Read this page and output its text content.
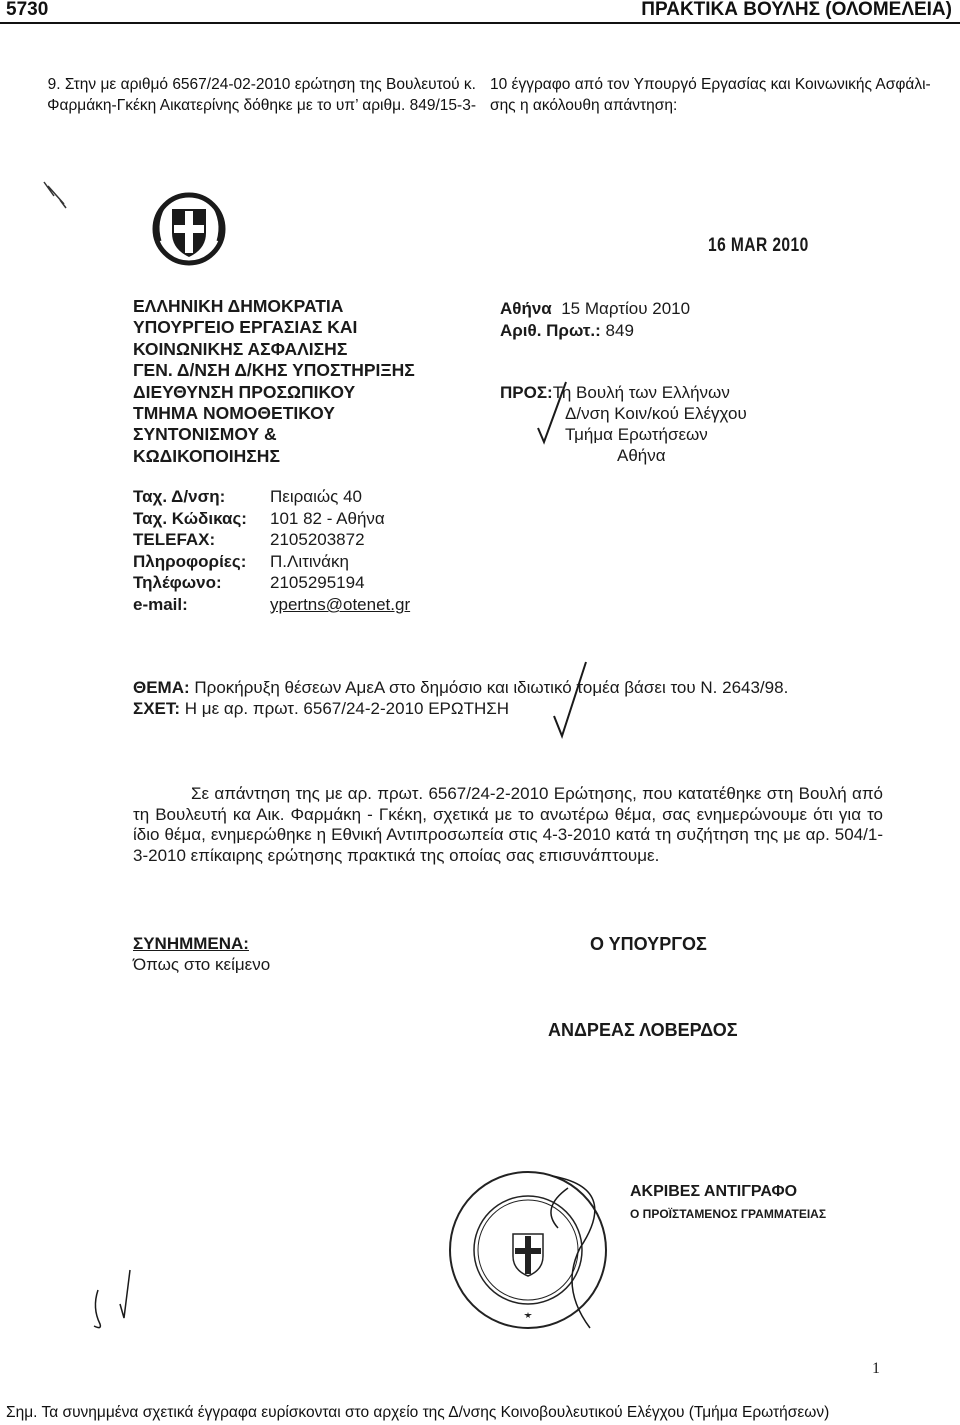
5730	ΠΡΑΚΤΙΚΑ ΒΟΥΛΗΣ (ΟΛΟΜΕΛΕΙΑ)
9. Στην με αριθμό 6567/24-02-2010 ερώτηση της Βουλευτού κ.
Φαρμάκη-Γκέκη Αικατερίνης δόθηκε με το υπ’ αριθμ. 849/15-3-
10 έγγραφο από τον Υπουργό Εργασίας και Κοινωνικής Ασφάλι-
σης η ακόλουθη απάντηση:
16 MAR 2010
ΕΛΛΗΝΙΚΗ ΔΗΜΟΚΡΑΤΙΑ
ΥΠΟΥΡΓΕΙΟ ΕΡΓΑΣΙΑΣ ΚΑΙ
ΚΟΙΝΩΝΙΚΗΣ ΑΣΦΑΛΙΣΗΣ
ΓΕΝ. Δ/ΝΣΗ Δ/ΚΗΣ ΥΠΟΣΤΗΡΙΞΗΣ
ΔΙΕΥΘΥΝΣΗ ΠΡΟΣΩΠΙΚΟΥ
ΤΜΗΜΑ ΝΟΜΟΘΕΤΙΚΟΥ
ΣΥΝΤΟΝΙΣΜΟΥ &
ΚΩΔΙΚΟΠΟΙΗΣΗΣ
Αθήνα 15 Μαρτίου 2010
Αριθ. Πρωτ.: 849
ΠΡΟΣ:Τη Βουλή των Ελλήνων
Δ/νση Κοιν/κού Ελέγχου
Τμήμα Ερωτήσεων
Αθήνα
Ταχ. Δ/νση:	Πειραιώς 40
Ταχ. Κώδικας: 101 82 - Αθήνα
TELEFAX:	2105203872
Πληροφορίες: Π.Λιτινάκη
Τηλέφωνο:	2105295194
e-mail:	ypertns@otenet.gr
ΘΕΜΑ: Προκήρυξη θέσεων ΑμεΑ στο δημόσιο και ιδιωτικό τομέα βάσει του Ν. 2643/98.
ΣΧΕΤ: Η με αρ. πρωτ. 6567/24-2-2010 ΕΡΩΤΗΣΗ
Σε απάντηση της με αρ. πρωτ. 6567/24-2-2010 Ερώτησης, που κατατέθηκε στη Βουλή από τη Βουλευτή κα Αικ. Φαρμάκη - Γκέκη, σχετικά με το ανωτέρω θέμα, σας ενημερώνουμε ότι για το ίδιο θέμα, ενημερώθηκε η Εθνική Αντιπροσωπεία στις 4-3-2010 κατά τη συζήτηση της με αρ. 504/1-3-2010 επίκαιρης ερώτησης πρακτικά της οποίας σας επισυνάπτουμε.
ΣΥΝΗΜΜΕΝΑ:
Όπως στο κείμενο
Ο ΥΠΟΥΡΓΟΣ
ΑΝΔΡΕΑΣ ΛΟΒΕΡΔΟΣ
ΑΚΡΙΒΕΣ ΑΝΤΙΓΡΑΦΟ
Ο ΠΡΟΪΣΤΑΜΕΝΟΣ ΓΡΑΜΜΑΤΕΙΑΣ
1
Σημ. Τα συνημμένα σχετικά έγγραφα ευρίσκονται στο αρχείο της Δ/νσης Κοινοβουλευτικού Ελέγχου (Τμήμα Ερωτήσεων)
